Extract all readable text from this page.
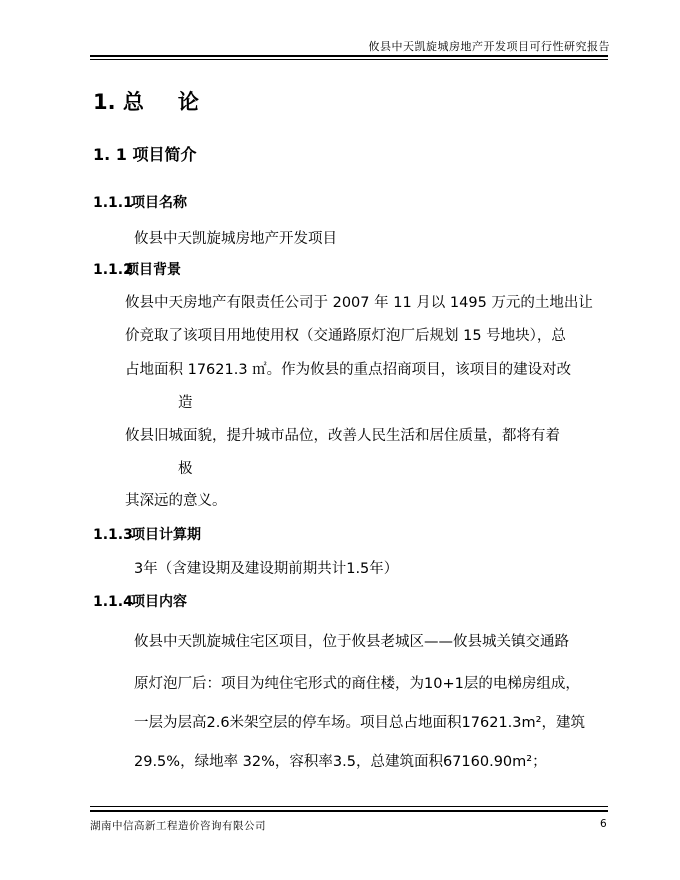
攸县中天凯旋城房地产开发项目可行性研究报告
1. 总 论
1. 1 项目简介
1.1.1项目名称
攸县中天凯旋城房地产开发项目
1.1.2项目背景
攸县中天房地产有限责任公司于 2007 年 11 月以 1495 万元的土地出让
价竞取了该项目用地使用权（交通路原灯泡厂后规划 15 号地块），总
占地面积 17621.3 ㎡。作为攸县的重点招商项目，该项目的建设对改
造
攸县旧城面貌，提升城市品位，改善人民生活和居住质量，都将有着
极
其深远的意义。
1.1.3项目计算期
3年（含建设期及建设期前期共计1.5年）
1.1.4项目内容
攸县中天凯旋城住宅区项目，位于攸县老城区——攸县城关镇交通路
原灯泡厂后：项目为纯住宅形式的商住楼，为10+1层的电梯房组成，
一层为层高2.6米架空层的停车场。项目总占地面积17621.3m²，建筑
29.5%，绿地率 32%，容积率3.5，总建筑面积67160.90m²；
湖南中信高新工程造价咨询有限公司	6
